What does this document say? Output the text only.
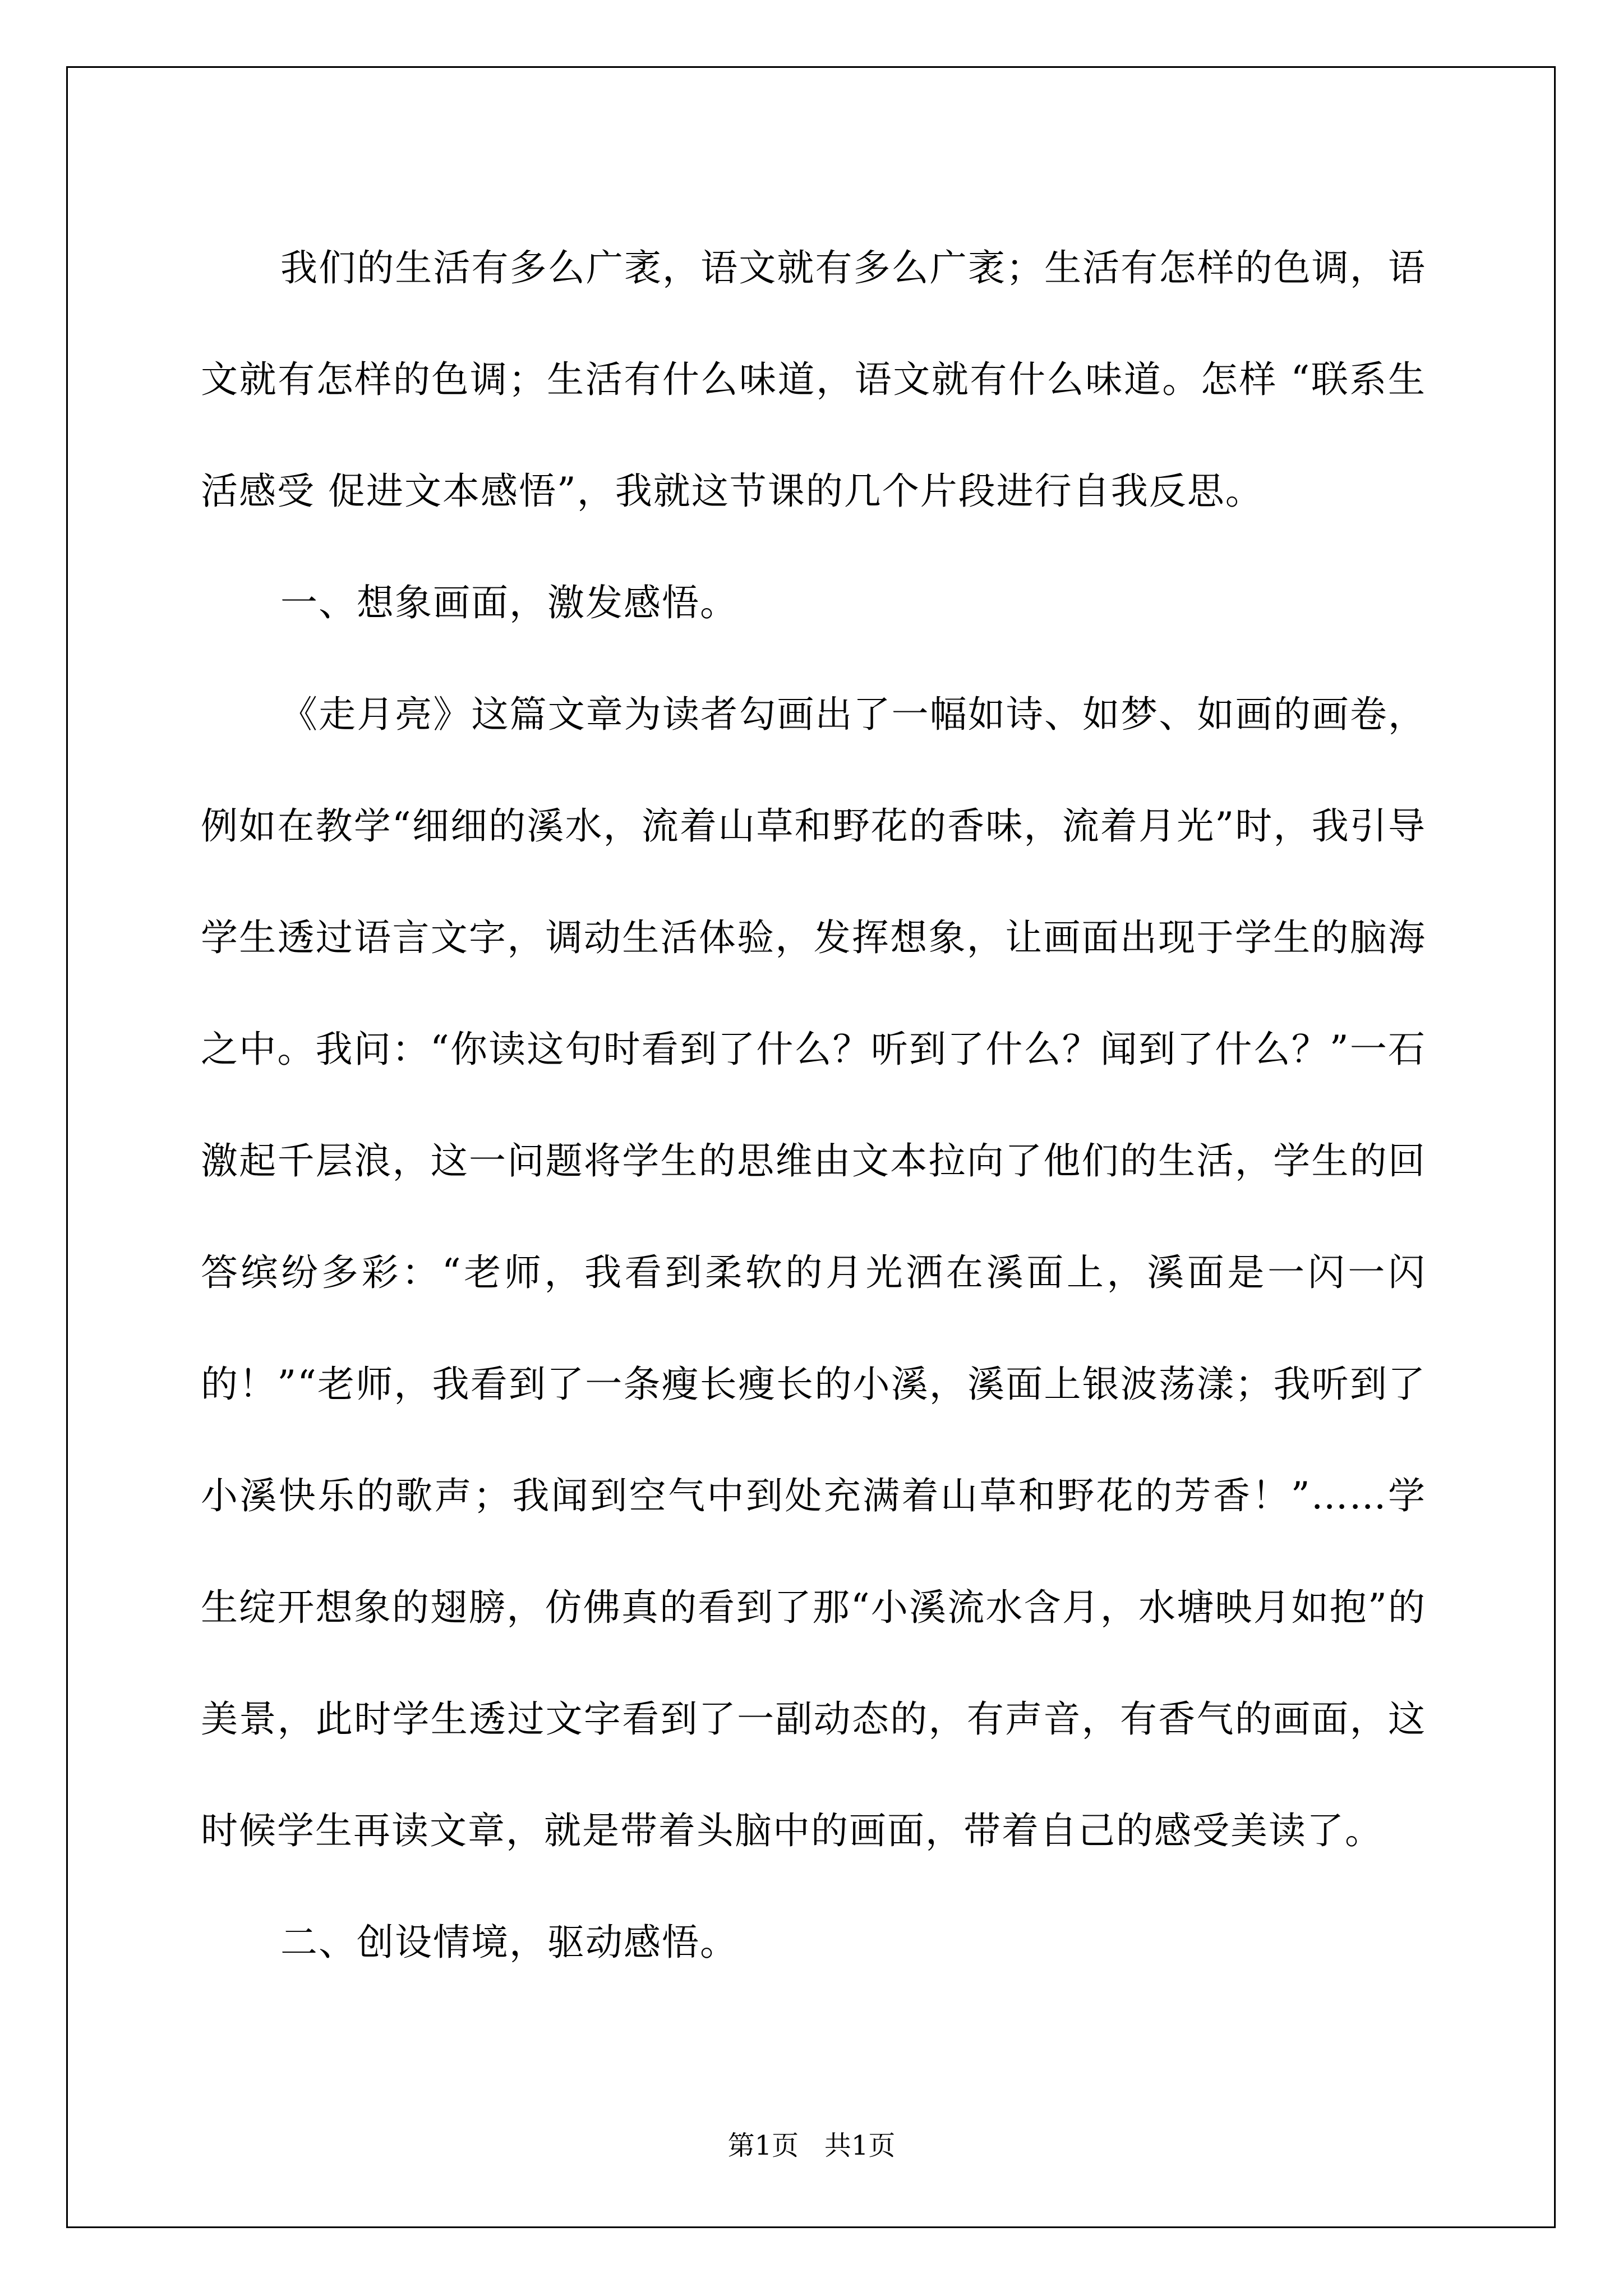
我们的生活有多么广袤，语文就有多么广袤；生活有怎样的色调，语文就有怎样的色调；生活有什么味道，语文就有什么味道。怎样 “联系生活感受 促进文本感悟”，我就这节课的几个片段进行自我反思。

一、想象画面，激发感悟。

《走月亮》这篇文章为读者勾画出了一幅如诗、如梦、如画的画卷，例如在教学“细细的溪水，流着山草和野花的香味，流着月光”时，我引导学生透过语言文字，调动生活体验，发挥想象，让画面出现于学生的脑海之中。我问：“你读这句时看到了什么？听到了什么？闻到了什么？”一石激起千层浪，这一问题将学生的思维由文本拉向了他们的生活，学生的回答缤纷多彩：“老师，我看到柔软的月光洒在溪面上，溪面是一闪一闪的！”“老师，我看到了一条瘦长瘦长的小溪，溪面上银波荡漾；我听到了小溪快乐的歌声；我闻到空气中到处充满着山草和野花的芳香！”……学生绽开想象的翅膀，仿佛真的看到了那“小溪流水含月，水塘映月如抱”的美景，此时学生透过文字看到了一副动态的，有声音，有香气的画面，这时候学生再读文章，就是带着头脑中的画面，带着自己的感受美读了。

二、创设情境，驱动感悟。

第1页   共1页
